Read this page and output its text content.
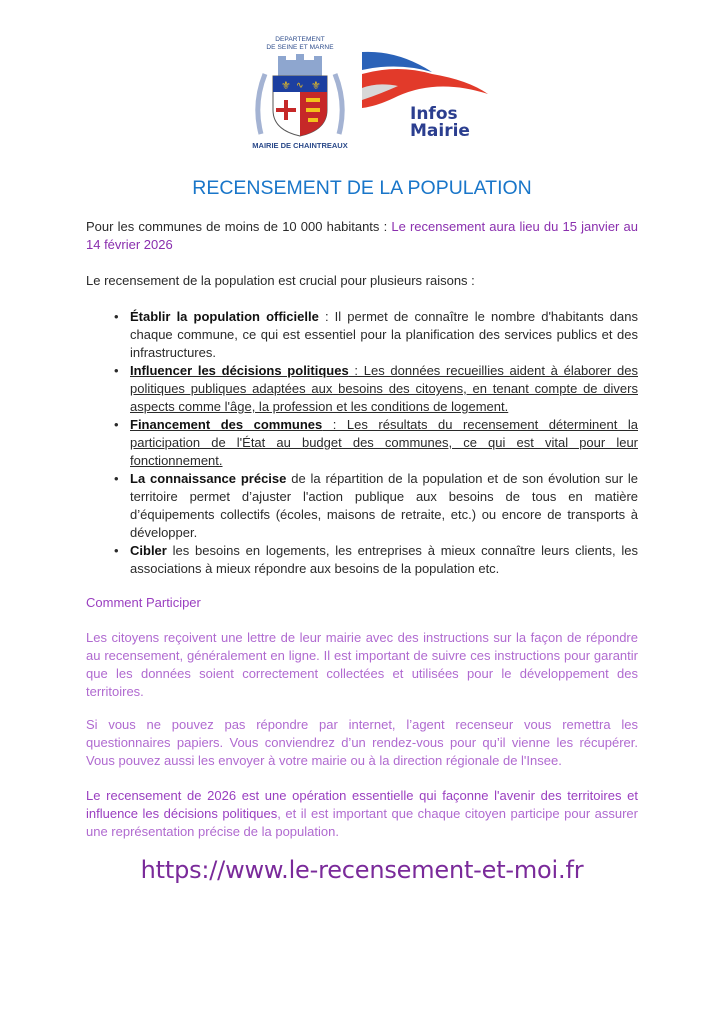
DEPARTEMENT
DE SEINE ET MARNE
⚜ ∿ ⚜
MAIRIE DE CHAINTREAUX
Infos
Mairie
RECENSEMENT DE LA POPULATION
Pour les communes de moins de 10 000 habitants : Le recensement aura lieu du 15 janvier au 14 février 2026
Le recensement de la population est crucial pour plusieurs raisons :
• Établir la population officielle : Il permet de connaître le nombre d'habitants dans chaque commune, ce qui est essentiel pour la planification des services publics et des infrastructures.
• Influencer les décisions politiques : Les données recueillies aident à élaborer des politiques publiques adaptées aux besoins des citoyens, en tenant compte de divers aspects comme l'âge, la profession et les conditions de logement.
• Financement des communes : Les résultats du recensement déterminent la participation de l'État au budget des communes, ce qui est vital pour leur fonctionnement.
• La connaissance précise de la répartition de la population et de son évolution sur le territoire permet d’ajuster l'action publique aux besoins de tous en matière d’équipements collectifs (écoles, maisons de retraite, etc.) ou encore de transports à développer.
• Cibler les besoins en logements, les entreprises à mieux connaître leurs clients, les associations à mieux répondre aux besoins de la population etc.
Comment Participer
Les citoyens reçoivent une lettre de leur mairie avec des instructions sur la façon de répondre au recensement, généralement en ligne. Il est important de suivre ces instructions pour garantir que les données soient correctement collectées et utilisées pour le développement des territoires.
Si vous ne pouvez pas répondre par internet, l’agent recenseur vous remettra les questionnaires papiers. Vous conviendrez d’un rendez-vous pour qu’il vienne les récupérer. Vous pouvez aussi les envoyer à votre mairie ou à la direction régionale de l'Insee.
Le recensement de 2026 est une opération essentielle qui façonne l'avenir des territoires et influence les décisions politiques, et il est important que chaque citoyen participe pour assurer une représentation précise de la population.
https://www.le-recensement-et-moi.fr
